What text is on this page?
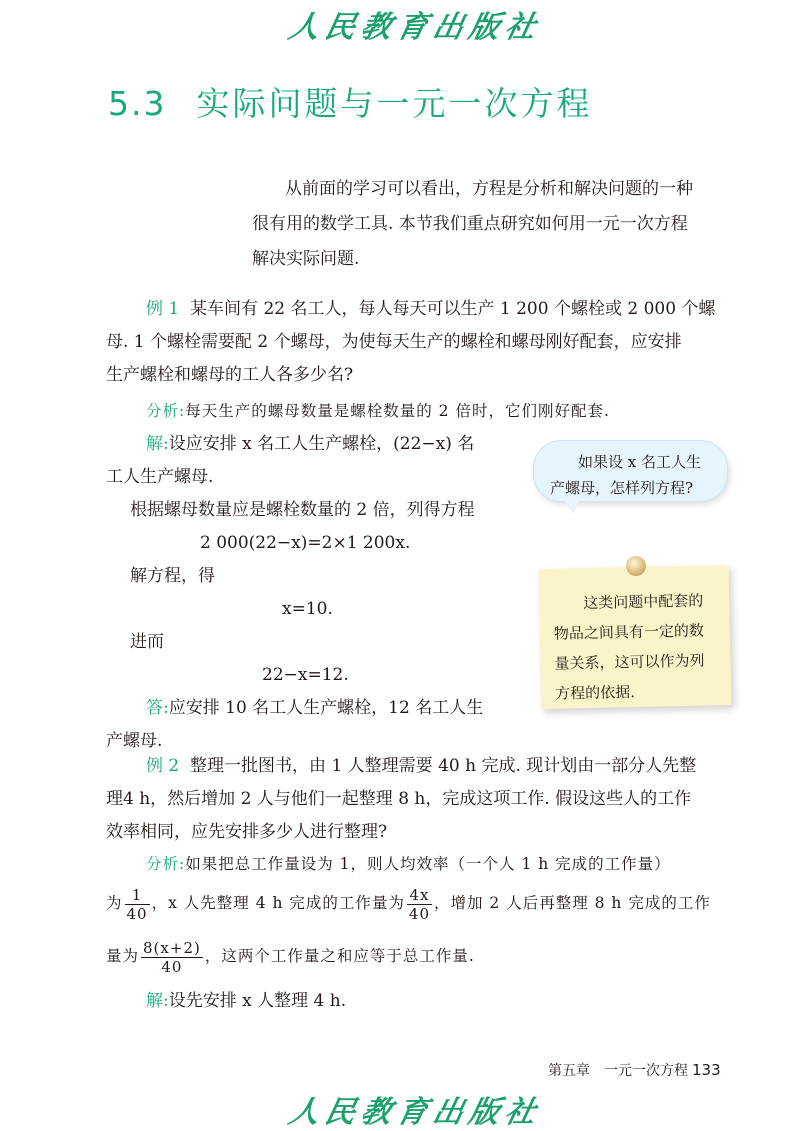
人民教育出版社
5.3 实际问题与一元一次方程
从前面的学习可以看出，方程是分析和解决问题的一种
很有用的数学工具. 本节我们重点研究如何用一元一次方程
解决实际问题.
例 1 某车间有 22 名工人，每人每天可以生产 1 200 个螺栓或 2 000 个螺
母. 1 个螺栓需要配 2 个螺母，为使每天生产的螺栓和螺母刚好配套，应安排
生产螺栓和螺母的工人各多少名?
分析:每天生产的螺母数量是螺栓数量的 2 倍时，它们刚好配套.
解:设应安排 x 名工人生产螺栓，(22−x) 名
工人生产螺母.
根据螺母数量应是螺栓数量的 2 倍，列得方程
2 000(22−x)=2×1 200x.
解方程，得
x=10.
进而
22−x=12.
答:应安排 10 名工人生产螺栓，12 名工人生
产螺母.
如果设 x 名工人生
产螺母，怎样列方程?
这类问题中配套的
物品之间具有一定的数
量关系，这可以作为列
方程的依据.
例 2 整理一批图书，由 1 人整理需要 40 h 完成. 现计划由一部分人先整
理4 h，然后增加 2 人与他们一起整理 8 h，完成这项工作. 假设这些人的工作
效率相同，应先安排多少人进行整理?
分析:如果把总工作量设为 1，则人均效率（一个人 1 h 完成的工作量）
为 $\frac{1}{40}$ ，x 人先整理 4 h 完成的工作量为 $\frac{4x}{40}$ ，增加 2 人后再整理 8 h 完成的工作
量为 $\frac{8(x+2)}{40}$ ，这两个工作量之和应等于总工作量.
解:设先安排 x 人整理 4 h.
第五章　一元一次方程 133
人民教育出版社
